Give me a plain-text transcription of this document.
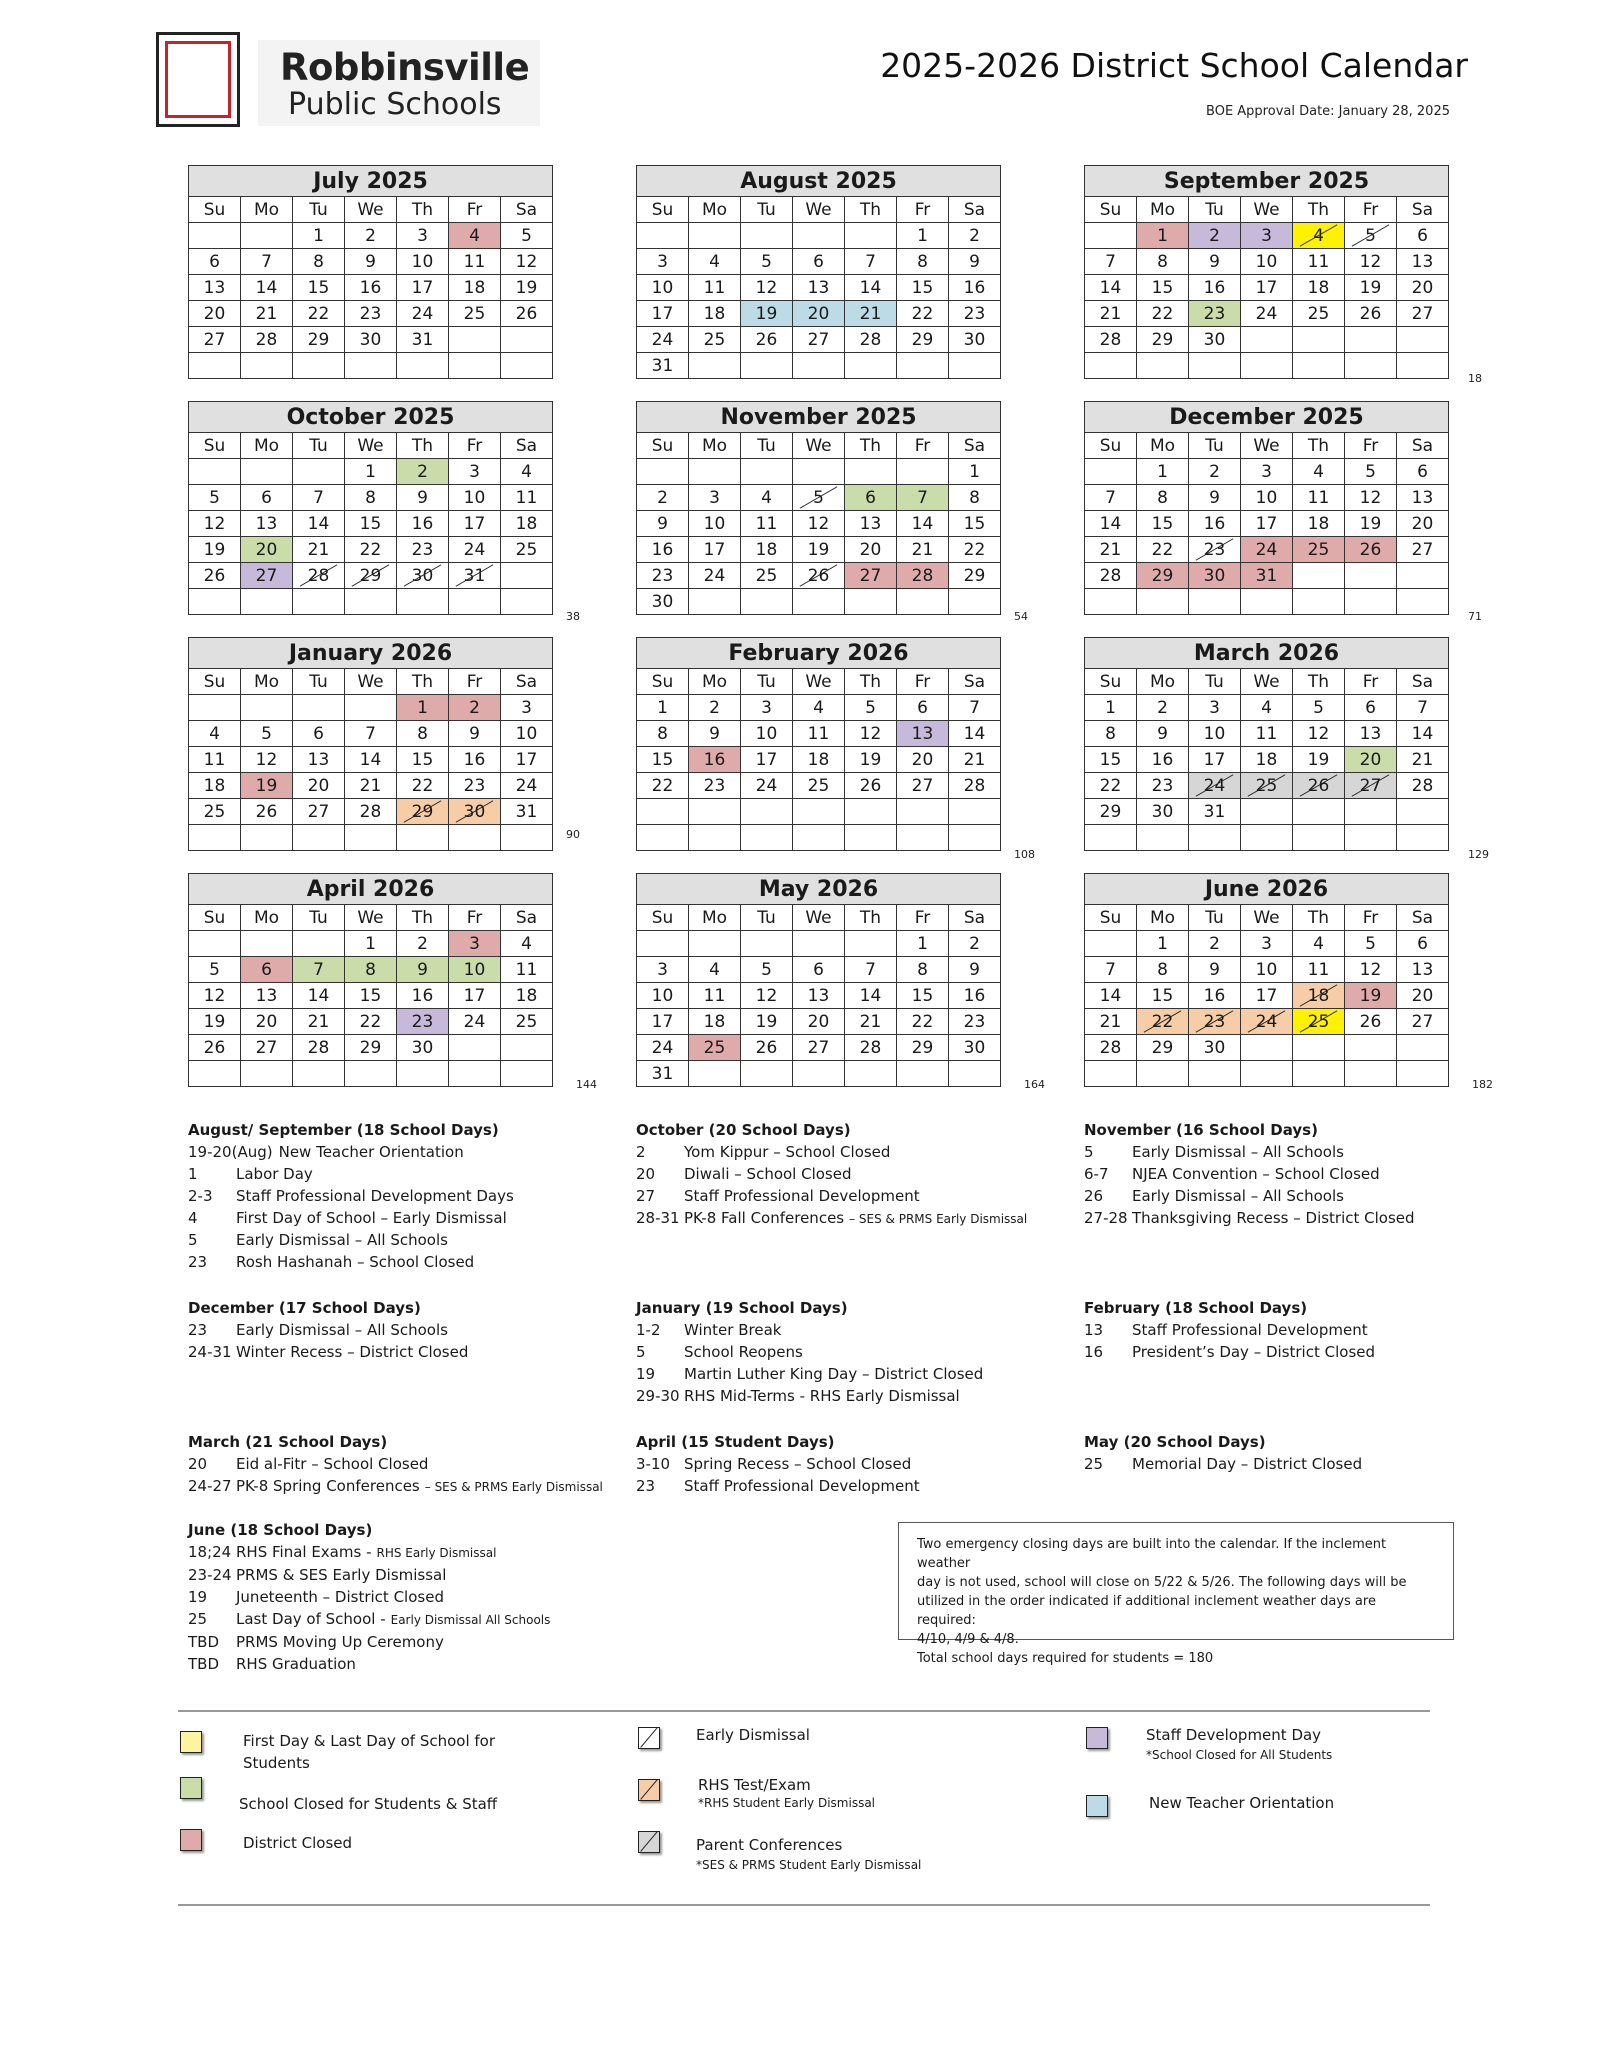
Robbinsville
Public Schools
2025-2026 District School Calendar
BOE Approval Date: January 28, 2025
July 2025						
Su	Mo	Tu	We	Th	Fr	Sa
		1	2	3	4	5
6	7	8	9	10	11	12
13	14	15	16	17	18	19
20	21	22	23	24	25	26
27	28	29	30	31		

August 2025						
Su	Mo	Tu	We	Th	Fr	Sa
					1	2
3	4	5	6	7	8	9
10	11	12	13	14	15	16
17	18	19	20	21	22	23
24	25	26	27	28	29	30
31						
September 2025						
Su	Mo	Tu	We	Th	Fr	Sa
	1	2	3	4	5	6
7	8	9	10	11	12	13
14	15	16	17	18	19	20
21	22	23	24	25	26	27
28	29	30				

October 2025						
Su	Mo	Tu	We	Th	Fr	Sa
			1	2	3	4
5	6	7	8	9	10	11
12	13	14	15	16	17	18
19	20	21	22	23	24	25
26	27	28	29	30	31	

November 2025						
Su	Mo	Tu	We	Th	Fr	Sa
						1
2	3	4	5	6	7	8
9	10	11	12	13	14	15
16	17	18	19	20	21	22
23	24	25	26	27	28	29
30						
December 2025						
Su	Mo	Tu	We	Th	Fr	Sa
	1	2	3	4	5	6
7	8	9	10	11	12	13
14	15	16	17	18	19	20
21	22	23	24	25	26	27
28	29	30	31			

January 2026						
Su	Mo	Tu	We	Th	Fr	Sa
				1	2	3
4	5	6	7	8	9	10
11	12	13	14	15	16	17
18	19	20	21	22	23	24
25	26	27	28	29	30	31

February 2026						
Su	Mo	Tu	We	Th	Fr	Sa
1	2	3	4	5	6	7
8	9	10	11	12	13	14
15	16	17	18	19	20	21
22	23	24	25	26	27	28

March 2026						
Su	Mo	Tu	We	Th	Fr	Sa
1	2	3	4	5	6	7
8	9	10	11	12	13	14
15	16	17	18	19	20	21
22	23	24	25	26	27	28
29	30	31				

April 2026						
Su	Mo	Tu	We	Th	Fr	Sa
			1	2	3	4
5	6	7	8	9	10	11
12	13	14	15	16	17	18
19	20	21	22	23	24	25
26	27	28	29	30		

May 2026						
Su	Mo	Tu	We	Th	Fr	Sa
					1	2
3	4	5	6	7	8	9
10	11	12	13	14	15	16
17	18	19	20	21	22	23
24	25	26	27	28	29	30
31						
June 2026						
Su	Mo	Tu	We	Th	Fr	Sa
	1	2	3	4	5	6
7	8	9	10	11	12	13
14	15	16	17	18	19	20
21	22	23	24	25	26	27
28	29	30				

August/ September (18 School Days)
19-20(Aug) New Teacher Orientation
1	Labor Day
2-3 Staff Professional Development Days
4	First Day of School – Early Dismissal
5	Early Dismissal – All Schools
23 Rosh Hashanah – School Closed
October (20 School Days)
2	Yom Kippur – School Closed
20 Diwali – School Closed
27 Staff Professional Development
28-31 PK-8 Fall Conferences – SES & PRMS Early Dismissal
November (16 School Days)
5	Early Dismissal – All Schools
6-7 NJEA Convention – School Closed
26 Early Dismissal – All Schools
27-28 Thanksgiving Recess – District Closed
December (17 School Days)
23 Early Dismissal – All Schools
24-31 Winter Recess – District Closed
January (19 School Days)
1-2 Winter Break
5	School Reopens
19 Martin Luther King Day – District Closed
29-30 RHS Mid-Terms - RHS Early Dismissal
February (18 School Days)
13 Staff Professional Development
16 President’s Day – District Closed
March (21 School Days)
20 Eid al-Fitr – School Closed
24-27 PK-8 Spring Conferences – SES & PRMS Early Dismissal
April (15 Student Days)
3-10 Spring Recess – School Closed
23 Staff Professional Development
May (20 School Days)
25 Memorial Day – District Closed
June (18 School Days)
18;24 RHS Final Exams - RHS Early Dismissal
23-24 PRMS & SES Early Dismissal
19 Juneteenth – District Closed
25 Last Day of School - Early Dismissal All Schools
TBD PRMS Moving Up Ceremony
TBD RHS Graduation
Two emergency closing days are built into the calendar. If the inclement weather
day is not used, school will close on 5/22 & 5/26. The following days will be
utilized in the order indicated if additional inclement weather days are required:
4/10, 4/9 & 4/8.
Total school days required for students = 180
First Day & Last Day of School for Students
School Closed for Students & Staff
District Closed
Early Dismissal
RHS Test/Exam
*RHS Student Early Dismissal
Parent Conferences
*SES & PRMS Student Early Dismissal
Staff Development Day
*School Closed for All Students
New Teacher Orientation
18
38	54	71
90
108	129
144	164	182
